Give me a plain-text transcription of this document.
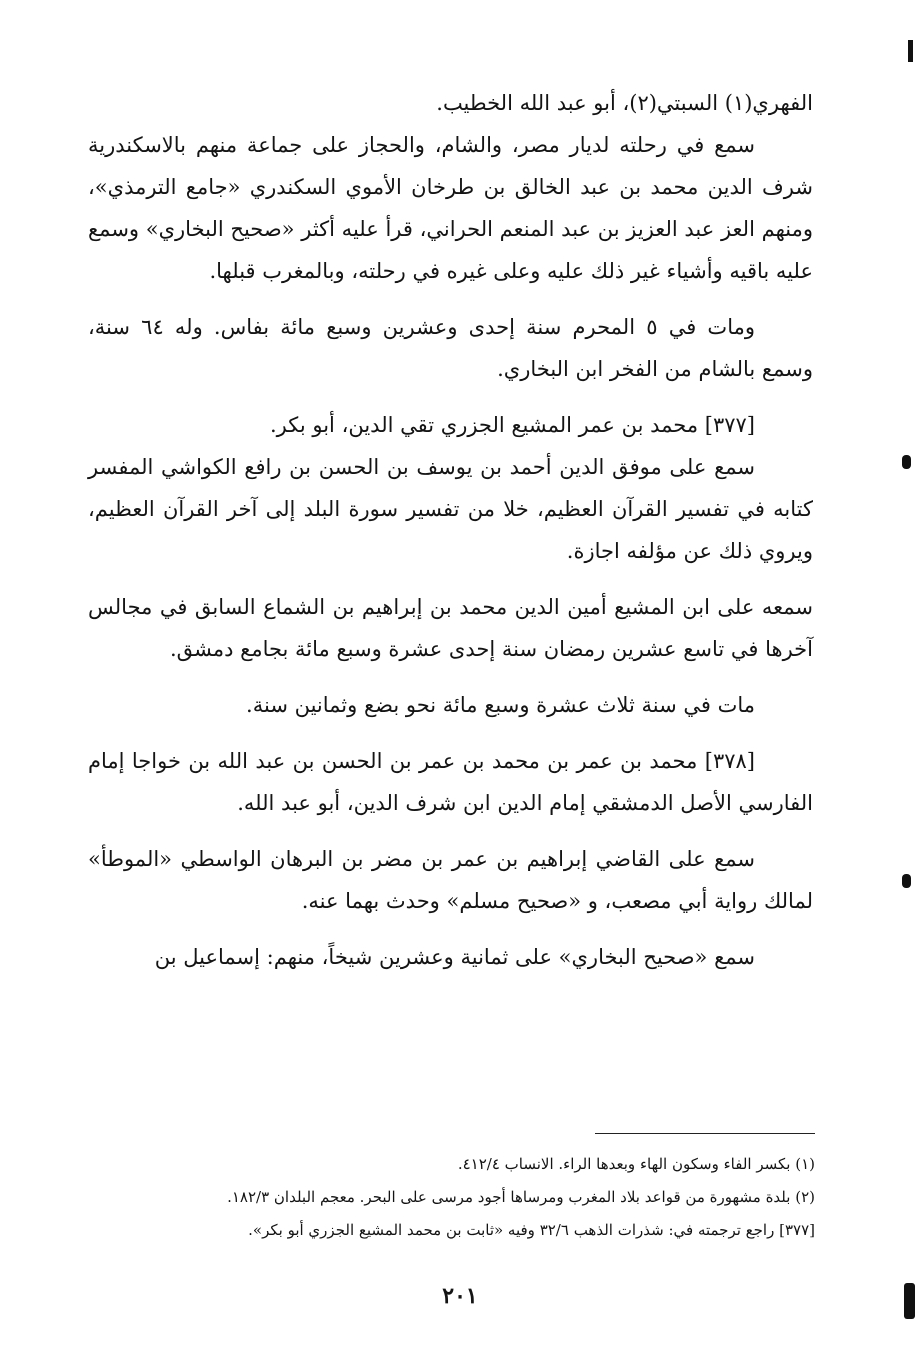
الفهري(١) السبتي(٢)، أبو عبد الله الخطيب.

سمع في رحلته لديار مصر، والشام، والحجاز على جماعة منهم بالاسكندرية شرف الدين محمد بن عبد الخالق بن طرخان الأموي السكندري «جامع الترمذي»، ومنهم العز عبد العزيز بن عبد المنعم الحراني، قرأ عليه أكثر «صحيح البخاري» وسمع عليه باقيه وأشياء غير ذلك عليه وعلى غيره في رحلته، وبالمغرب قبلها.

ومات في ٥ المحرم سنة إحدى وعشرين وسبع مائة بفاس. وله ٦٤ سنة، وسمع بالشام من الفخر ابن البخاري.

[٣٧٧] محمد بن عمر المشيع الجزري تقي الدين، أبو بكر.

سمع على موفق الدين أحمد بن يوسف بن الحسن بن رافع الكواشي المفسر كتابه في تفسير القرآن العظيم، خلا من تفسير سورة البلد إلى آخر القرآن العظيم، ويروي ذلك عن مؤلفه اجازة.

سمعه على ابن المشيع أمين الدين محمد بن إبراهيم بن الشماع السابق في مجالس آخرها في تاسع عشرين رمضان سنة إحدى عشرة وسبع مائة بجامع دمشق.

مات في سنة ثلاث عشرة وسبع مائة نحو بضع وثمانين سنة.

[٣٧٨] محمد بن عمر بن محمد بن عمر بن الحسن بن عبد الله بن خواجا إمام الفارسي الأصل الدمشقي إمام الدين ابن شرف الدين، أبو عبد الله.

سمع على القاضي إبراهيم بن عمر بن مضر بن البرهان الواسطي «الموطأ» لمالك رواية أبي مصعب، و «صحيح مسلم» وحدث بهما عنه.

سمع «صحيح البخاري» على ثمانية وعشرين شيخاً، منهم: إسماعيل بن

(١) بكسر الفاء وسكون الهاء وبعدها الراء. الانساب ٤١٢/٤.
(٢) بلدة مشهورة من قواعد بلاد المغرب ومرساها أجود مرسى على البحر. معجم البلدان ١٨٢/٣.
[٣٧٧] راجع ترجمته في: شذرات الذهب ٣٢/٦ وفيه «ثابت بن محمد المشيع الجزري أبو بكر».
٢٠١
